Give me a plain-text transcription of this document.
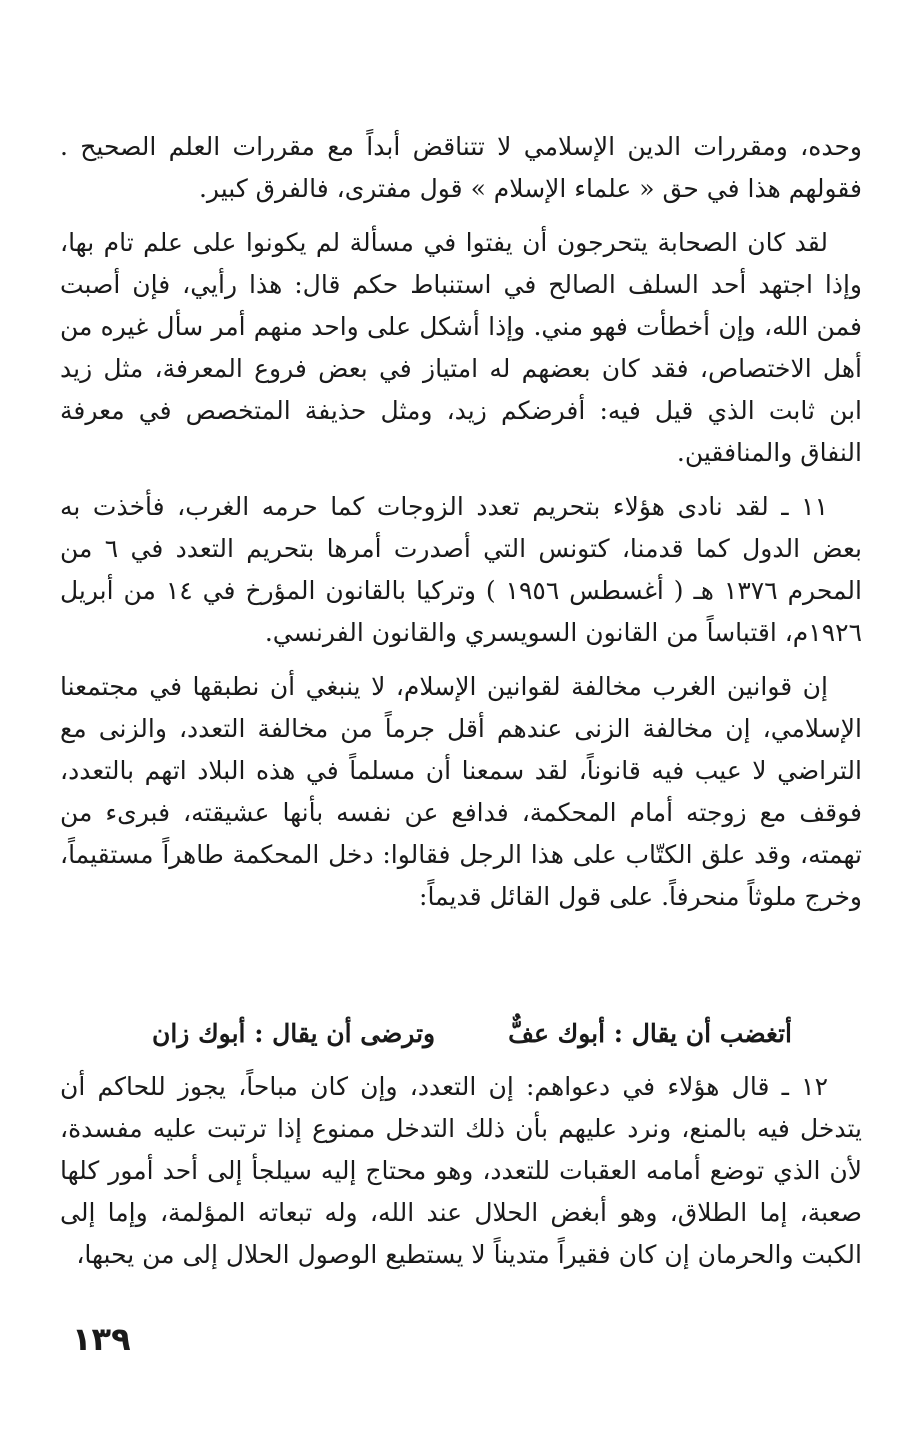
وحده، ومقررات الدين الإسلامي لا تتناقض أبداً مع مقررات العلم الصحيح . فقولهم هذا في حق « علماء الإسلام » قول مفترى، فالفرق كبير.

لقد كان الصحابة يتحرجون أن يفتوا في مسألة لم يكونوا على علم تام بها، وإذا اجتهد أحد السلف الصالح في استنباط حكم قال: هذا رأيي، فإن أصبت فمن الله، وإن أخطأت فهو مني. وإذا أشكل على واحد منهم أمر سأل غيره من أهل الاختصاص، فقد كان بعضهم له امتياز في بعض فروع المعرفة، مثل زيد ابن ثابت الذي قيل فيه: أفرضكم زيد، ومثل حذيفة المتخصص في معرفة النفاق والمنافقين.

١١ ـ لقد نادى هؤلاء بتحريم تعدد الزوجات كما حرمه الغرب، فأخذت به بعض الدول كما قدمنا، كتونس التي أصدرت أمرها بتحريم التعدد في ٦ من المحرم ١٣٧٦ هـ ( أغسطس ١٩٥٦ ) وتركيا بالقانون المؤرخ في ١٤ من أبريل ١٩٢٦م، اقتباساً من القانون السويسري والقانون الفرنسي.

إن قوانين الغرب مخالفة لقوانين الإسلام، لا ينبغي أن نطبقها في مجتمعنا الإسلامي، إن مخالفة الزنى عندهم أقل جرماً من مخالفة التعدد، والزنى مع التراضي لا عيب فيه قانوناً، لقد سمعنا أن مسلماً في هذه البلاد اتهم بالتعدد، فوقف مع زوجته أمام المحكمة، فدافع عن نفسه بأنها عشيقته، فبرىء من تهمته، وقد علق الكتّاب على هذا الرجل فقالوا: دخل المحكمة طاهراً مستقيماً، وخرج ملوثاً منحرفاً. على قول القائل قديماً:

أتغضب أن يقال : أبوك عفٌّ
وترضى أن يقال : أبوك زان

١٢ ـ قال هؤلاء في دعواهم: إن التعدد، وإن كان مباحاً، يجوز للحاكم أن يتدخل فيه بالمنع، ونرد عليهم بأن ذلك التدخل ممنوع إذا ترتبت عليه مفسدة، لأن الذي توضع أمامه العقبات للتعدد، وهو محتاج إليه سيلجأ إلى أحد أمور كلها صعبة، إما الطلاق، وهو أبغض الحلال عند الله، وله تبعاته المؤلمة، وإما إلى الكبت والحرمان إن كان فقيراً متديناً لا يستطيع الوصول الحلال إلى من يحبها،

١٣٩
